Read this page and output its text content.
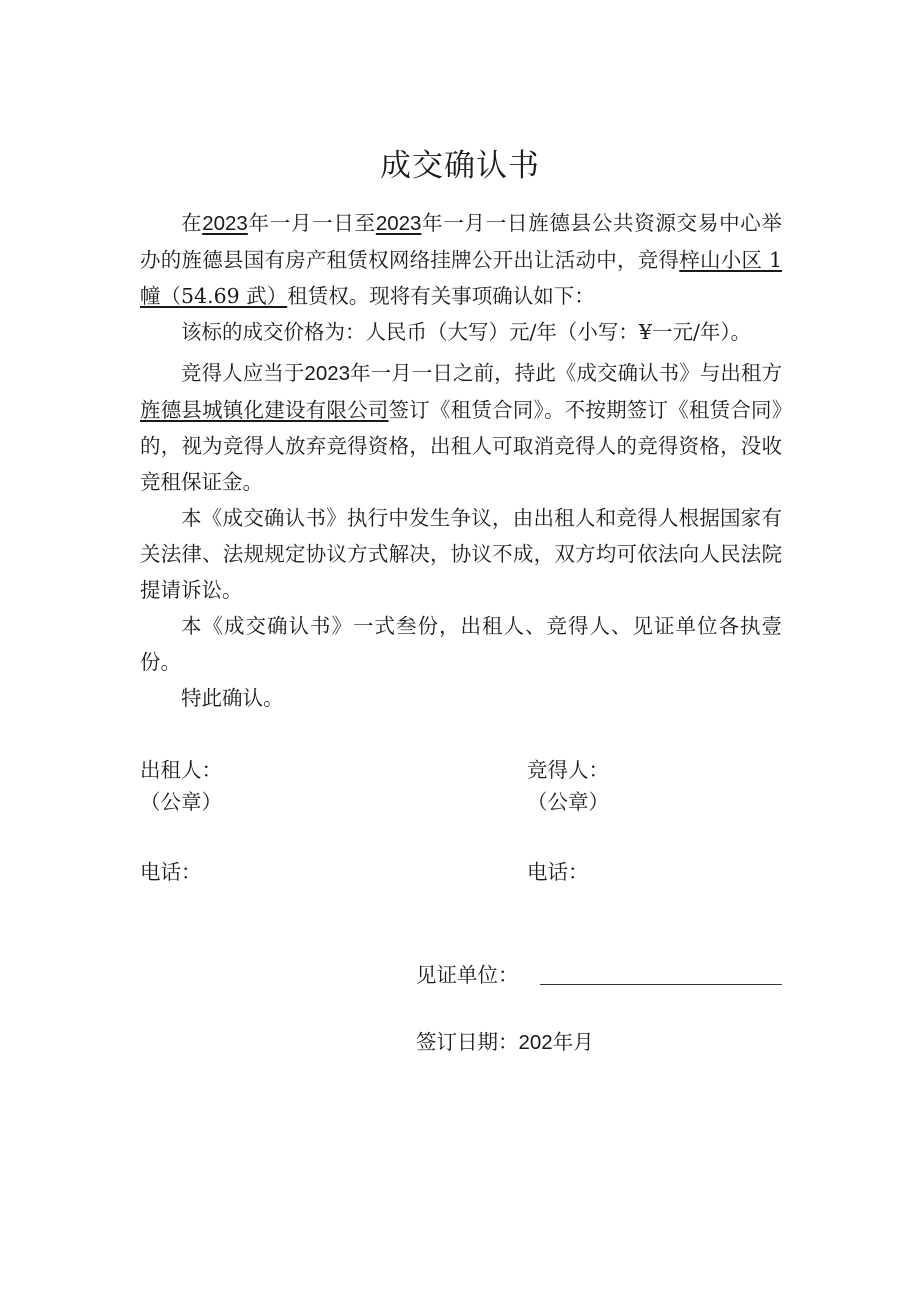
成交确认书

在2023年一月一日至2023年一月一日旌德县公共资源交易中心举办的旌德县国有房产租赁权网络挂牌公开出让活动中，竞得梓山小区 1 幢（54.69 武）租赁权。现将有关事项确认如下：

该标的成交价格为：人民币（大写）元/年（小写：¥一元/年）。

竞得人应当于2023年一月一日之前，持此《成交确认书》与出租方旌德县城镇化建设有限公司签订《租赁合同》。不按期签订《租赁合同》的，视为竞得人放弃竞得资格，出租人可取消竞得人的竞得资格，没收竞租保证金。

本《成交确认书》执行中发生争议，由出租人和竞得人根据国家有关法律、法规规定协议方式解决，协议不成，双方均可依法向人民法院提请诉讼。

本《成交确认书》一式叁份，出租人、竞得人、见证单位各执壹份。

特此确认。

出租人：
（公章）
电话：
竞得人：
（公章）
电话：
见证单位：
签订日期：202年月
